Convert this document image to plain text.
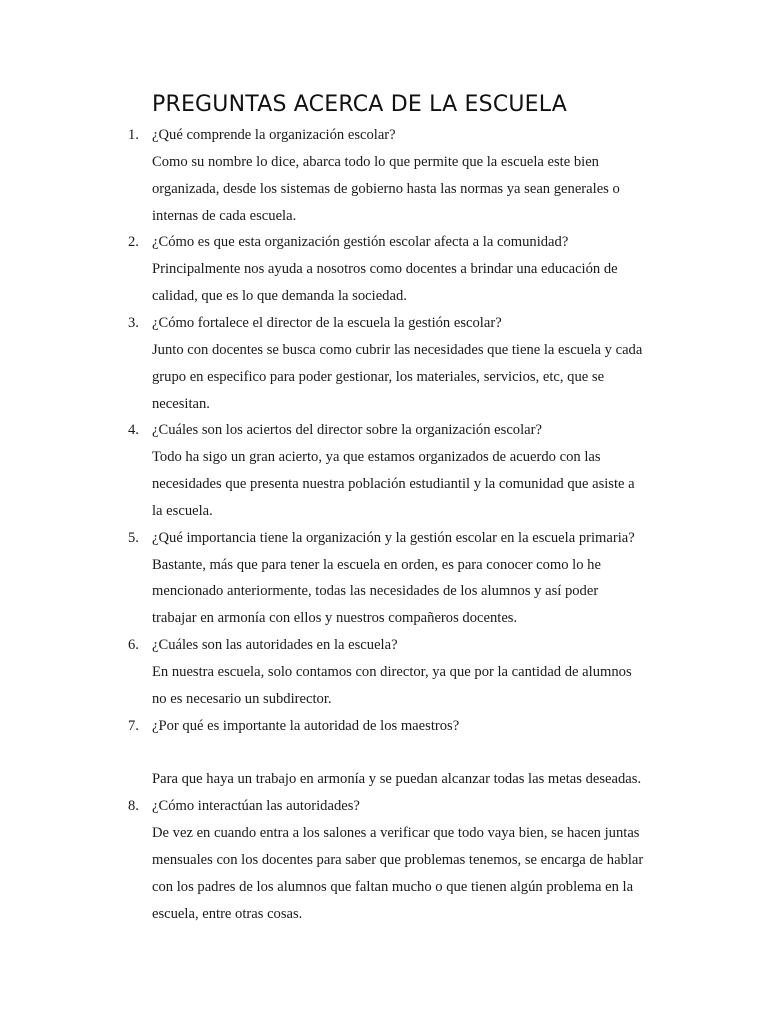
PREGUNTAS ACERCA DE LA ESCUELA
1. ¿Qué comprende la organización escolar?
Como su nombre lo dice, abarca todo lo que permite que la escuela este bien
organizada, desde los sistemas de gobierno hasta las normas ya sean generales o
internas de cada escuela.
2. ¿Cómo es que esta organización gestión escolar afecta a la comunidad?
Principalmente nos ayuda a nosotros como docentes a brindar una educación de
calidad, que es lo que demanda la sociedad.
3. ¿Cómo fortalece el director de la escuela la gestión escolar?
Junto con docentes se busca como cubrir las necesidades que tiene la escuela y cada
grupo en especifico para poder gestionar, los materiales, servicios, etc, que se
necesitan.
4. ¿Cuáles son los aciertos del director sobre la organización escolar?
Todo ha sigo un gran acierto, ya que estamos organizados de acuerdo con las
necesidades que presenta nuestra población estudiantil y la comunidad que asiste a
la escuela.
5. ¿Qué importancia tiene la organización y la gestión escolar en la escuela primaria?
Bastante, más que para tener la escuela en orden, es para conocer como lo he
mencionado anteriormente, todas las necesidades de los alumnos y así poder
trabajar en armonía con ellos y nuestros compañeros docentes.
6. ¿Cuáles son las autoridades en la escuela?
En nuestra escuela, solo contamos con director, ya que por la cantidad de alumnos
no es necesario un subdirector.
7. ¿Por qué es importante la autoridad de los maestros?
Para que haya un trabajo en armonía y se puedan alcanzar todas las metas deseadas.
8. ¿Cómo interactúan las autoridades?
De vez en cuando entra a los salones a verificar que todo vaya bien, se hacen juntas
mensuales con los docentes para saber que problemas tenemos, se encarga de hablar
con los padres de los alumnos que faltan mucho o que tienen algún problema en la
escuela, entre otras cosas.
